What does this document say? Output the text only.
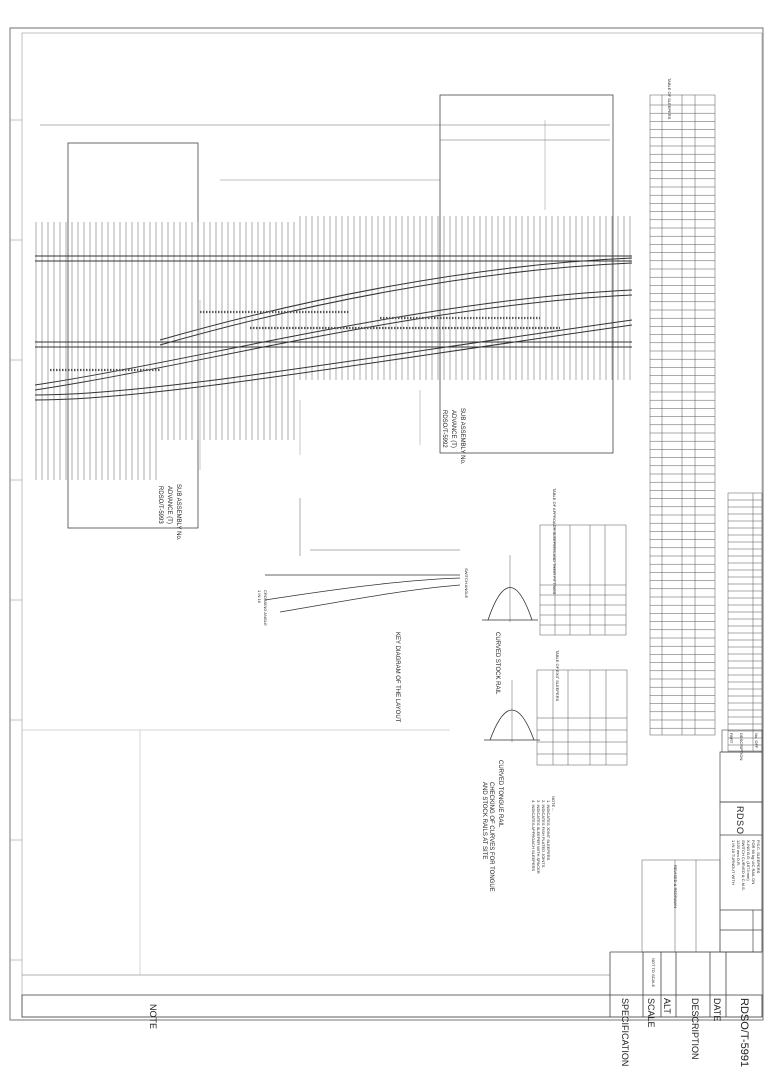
SUB ASSEMBLY No.
ADVANCE (T)
RDSO/T-5993
SUB ASSEMBLY No.
ADVANCE (T)
RDSO/T-5992
KEY DIAGRAM OF THE LAYOUT	CURVED STOCK RAIL
CURVED TONGUE RAIL
CHECKING OF CURVES FOR TONGUE
AND STOCK RAILS AT SITE
TABLE OF APPROACH SLEEPERS AND THEIR FITTINGS
TABLE OF EXIT SLEEPERS
TABLE OF SLEEPERS
CROSSING ANGLE
1 IN 16	SWITCH ANGLE
NOTE :-
1. INDICATES JOINT SLEEPERS
2. INDICATES FISH PLATED JOINTS
3. INDICATES SLEEPER WITH SPACER
4. INDICATES APPROACH SLEEPERS
REVISED & REDRAWN
PART DESCRIPTION	No. OFF
R
D
S
O
1 IN 16 TURNOUT WITH 1220 mm O.R. SWITCH CURVED & C.M.S. X-ING B.G. (1673 mm) FOR 60 kg UIC RAIL ON P.S.C. SLEEPERS
SPECIFICATION SCALE ALT DESCRIPTION DATE RDSO/T-5991
NOT TO SCALE
NOTE
